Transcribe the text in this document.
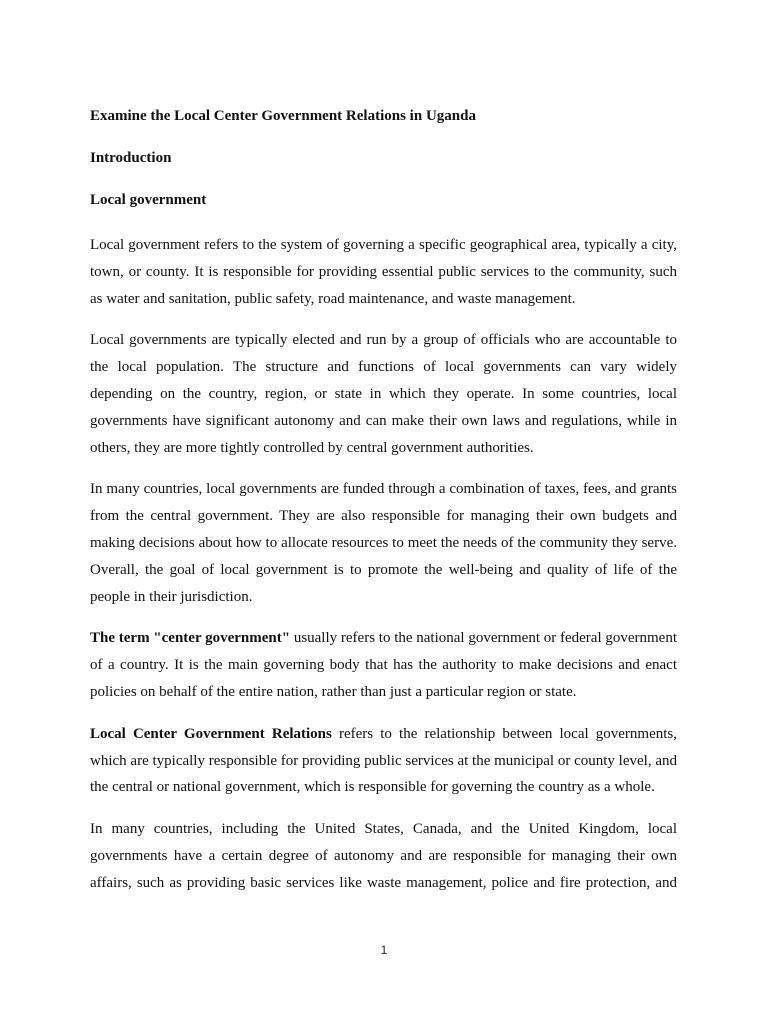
Examine the Local Center Government Relations in Uganda

Introduction

Local government

Local government refers to the system of governing a specific geographical area, typically a city, town, or county. It is responsible for providing essential public services to the community, such as water and sanitation, public safety, road maintenance, and waste management.

Local governments are typically elected and run by a group of officials who are accountable to the local population. The structure and functions of local governments can vary widely depending on the country, region, or state in which they operate. In some countries, local governments have significant autonomy and can make their own laws and regulations, while in others, they are more tightly controlled by central government authorities.

In many countries, local governments are funded through a combination of taxes, fees, and grants from the central government. They are also responsible for managing their own budgets and making decisions about how to allocate resources to meet the needs of the community they serve. Overall, the goal of local government is to promote the well-being and quality of life of the people in their jurisdiction.

The term "center government" usually refers to the national government or federal government of a country. It is the main governing body that has the authority to make decisions and enact policies on behalf of the entire nation, rather than just a particular region or state.

Local Center Government Relations refers to the relationship between local governments, which are typically responsible for providing public services at the municipal or county level, and the central or national government, which is responsible for governing the country as a whole.

In many countries, including the United States, Canada, and the United Kingdom, local governments have a certain degree of autonomy and are responsible for managing their own affairs, such as providing basic services like waste management, police and fire protection, and

1
